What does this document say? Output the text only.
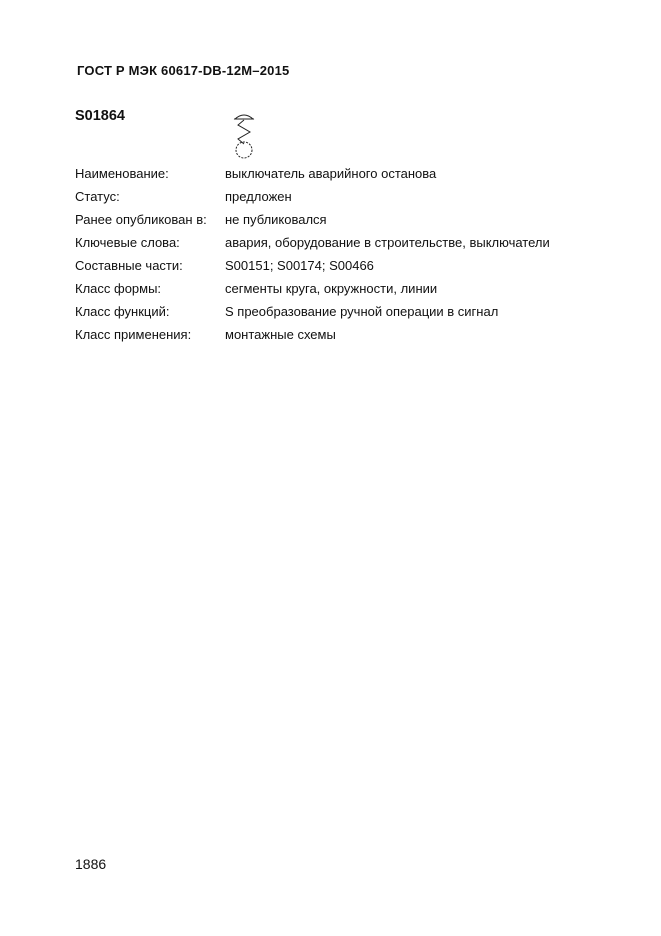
ГОСТ Р МЭК 60617-DB-12M–2015
S01864
Наименование:	выключатель аварийного останова
Статус:	предложен
Ранее опубликован в:	не публиковался
Ключевые слова:	авария, оборудование в строительстве, выключатели
Составные части:	S00151; S00174; S00466
Класс формы:	сегменты круга, окружности, линии
Класс функций:	S преобразование ручной операции в сигнал
Класс применения:	монтажные схемы
1886
